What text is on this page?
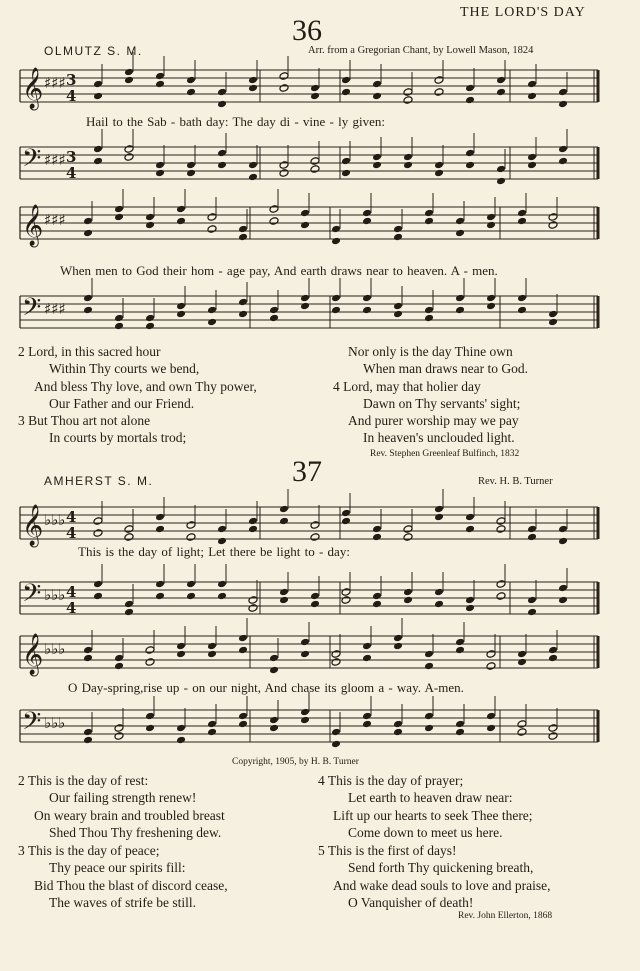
THE LORD'S DAY
36
OLMUTZ S. M.	Arr. from a Gregorian Chant, by Lowell Mason, 1824
𝄞 ♯♯♯ 3
4
Hail to the Sab - bath day: The day di - vine - ly given:
𝄢 ♯♯♯ 3
4
𝄞 ♯♯♯
When men to God their hom - age pay, And earth draws near to heaven. A - men.
𝄢 ♯♯♯
2 Lord, in this sacred hour
Within Thy courts we bend,
And bless Thy love, and own Thy power,
Our Father and our Friend.
3 But Thou art not alone
In courts by mortals trod;
Nor only is the day Thine own
When man draws near to God.
4 Lord, may that holier day
Dawn on Thy servants' sight;
And purer worship may we pay
In heaven's unclouded light.
Rev. Stephen Greenleaf Bulfinch, 1832
37
AMHERST S. M.	Rev. H. B. Turner
𝄞 ♭♭♭ 4
4
This is the day of light; Let there be light to - day:
𝄢 ♭♭♭ 4
4
𝄞 ♭♭♭
O Day-spring,rise up - on our night, And chase its gloom a - way. A-men.
𝄢 ♭♭♭
Copyright, 1905, by H. B. Turner
2 This is the day of rest:
Our failing strength renew!
On weary brain and troubled breast
Shed Thou Thy freshening dew.
3 This is the day of peace;
Thy peace our spirits fill:
Bid Thou the blast of discord cease,
The waves of strife be still.
4 This is the day of prayer;
Let earth to heaven draw near:
Lift up our hearts to seek Thee there;
Come down to meet us here.
5 This is the first of days!
Send forth Thy quickening breath,
And wake dead souls to love and praise,
O Vanquisher of death!
Rev. John Ellerton, 1868
